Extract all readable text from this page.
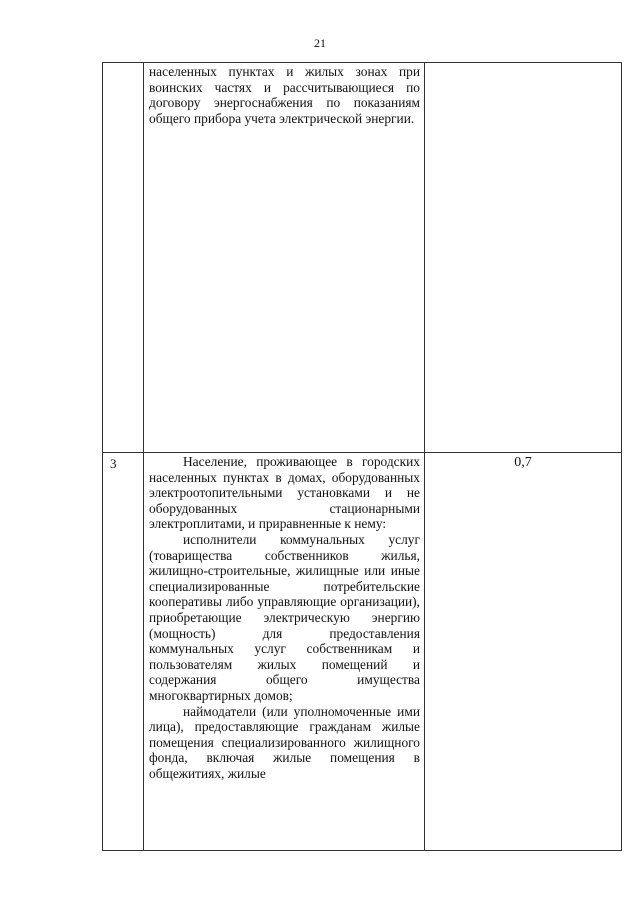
21

	населенных пунктах и жилых зонах при воинских частях и рассчитывающиеся по договору энергоснабжения по показаниям общего прибора учета электрической энергии.	

3	Население, проживающее в городских населенных пунктах в домах, оборудованных электроотопительными установками и не оборудованных стационарными электроплитами, и приравненные к нему:

исполнители коммунальных услуг (товарищества собственников жилья, жилищно-строительные, жилищные или иные специализированные потребительские кооперативы либо управляющие организации), приобретающие электрическую энергию (мощность) для предоставления коммунальных услуг собственникам и пользователям жилых помещений и содержания общего имущества многоквартирных домов;

наймодатели (или уполномоченные ими лица), предоставляющие гражданам жилые помещения специализированного жилищного фонда, включая жилые помещения в общежитиях, жилые	0,7
